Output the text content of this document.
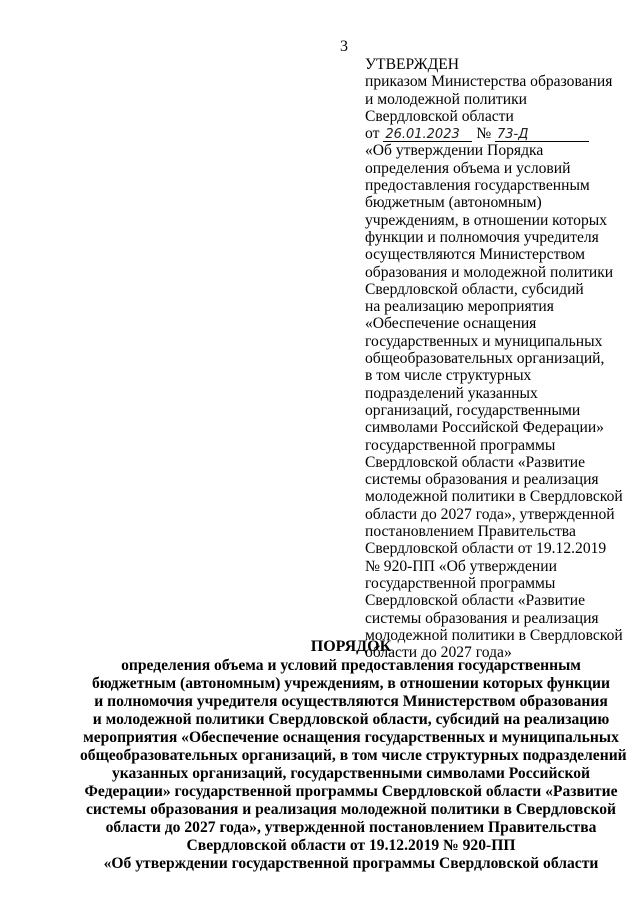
3
УТВЕРЖДЕН
приказом Министерства образования
и молодежной политики
Свердловской области
от 26.01.2023 № 73-Д
«Об утверждении Порядка
определения объема и условий
предоставления государственным
бюджетным (автономным)
учреждениям, в отношении которых
функции и полномочия учредителя
осуществляются Министерством
образования и молодежной политики
Свердловской области, субсидий
на реализацию мероприятия
«Обеспечение оснащения
государственных и муниципальных
общеобразовательных организаций,
в том числе структурных
подразделений указанных
организаций, государственными
символами Российской Федерации»
государственной программы
Свердловской области «Развитие
системы образования и реализация
молодежной политики в Свердловской
области до 2027 года», утвержденной
постановлением Правительства
Свердловской области от 19.12.2019
№ 920-ПП «Об утверждении
государственной программы
Свердловской области «Развитие
системы образования и реализация
молодежной политики в Свердловской
области до 2027 года»
ПОРЯДОК
определения объема и условий предоставления государственным
бюджетным (автономным) учреждениям, в отношении которых функции
и полномочия учредителя осуществляются Министерством образования
и молодежной политики Свердловской области, субсидий на реализацию
мероприятия «Обеспечение оснащения государственных и муниципальных
общеобразовательных организаций, в том числе структурных подразделений
указанных организаций, государственными символами Российской
Федерации» государственной программы Свердловской области «Развитие
системы образования и реализация молодежной политики в Свердловской
области до 2027 года», утвержденной постановлением Правительства
Свердловской области от 19.12.2019 № 920-ПП
«Об утверждении государственной программы Свердловской области
